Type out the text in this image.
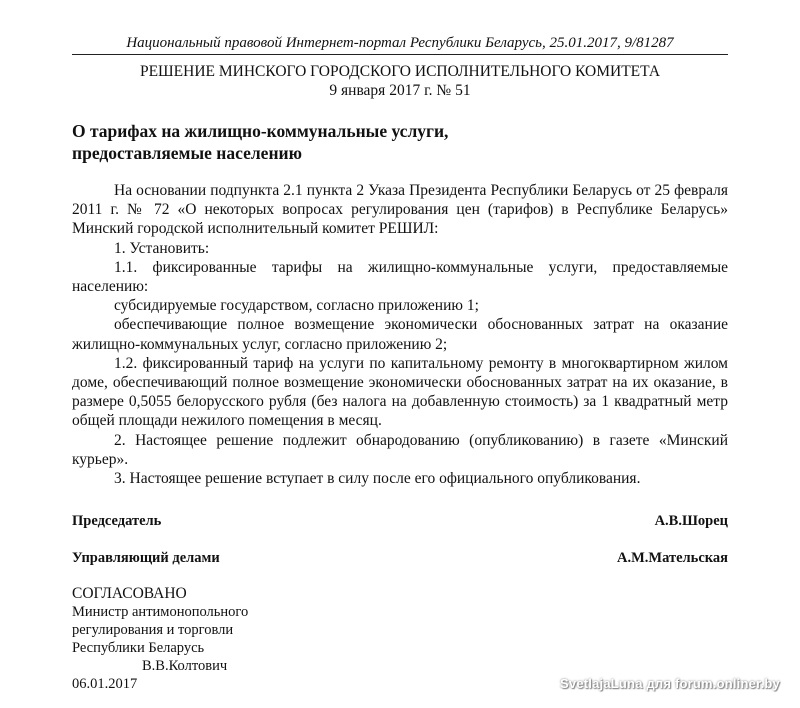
Национальный правовой Интернет-портал Республики Беларусь, 25.01.2017, 9/81287
РЕШЕНИЕ МИНСКОГО ГОРОДСКОГО ИСПОЛНИТЕЛЬНОГО КОМИТЕТА
9 января 2017 г. № 51
О тарифах на жилищно-коммунальные услуги,
предоставляемые населению

На основании подпункта 2.1 пункта 2 Указа Президента Республики Беларусь от 25 февраля 2011 г. № 72 «О некоторых вопросах регулирования цен (тарифов) в Республике Беларусь» Минский городской исполнительный комитет РЕШИЛ:

1. Установить:

1.1. фиксированные тарифы на жилищно-коммунальные услуги, предоставляемые населению:

субсидируемые государством, согласно приложению 1;

обеспечивающие полное возмещение экономически обоснованных затрат на оказание жилищно-коммунальных услуг, согласно приложению 2;

1.2. фиксированный тариф на услуги по капитальному ремонту в многоквартирном жилом доме, обеспечивающий полное возмещение экономически обоснованных затрат на их оказание, в размере 0,5055 белорусского рубля (без налога на добавленную стоимость) за 1 квадратный метр общей площади нежилого помещения в месяц.

2. Настоящее решение подлежит обнародованию (опубликованию) в газете «Минский курьер».

3. Настоящее решение вступает в силу после его официального опубликования.

Председатель	А.В.Шорец
Управляющий делами	А.М.Мательская
СОГЛАСОВАНО
Министр антимонопольного
регулирования и торговли
Республики Беларусь
В.В.Колтович
06.01.2017	SvetlajaLuna для forum.onliner.by
